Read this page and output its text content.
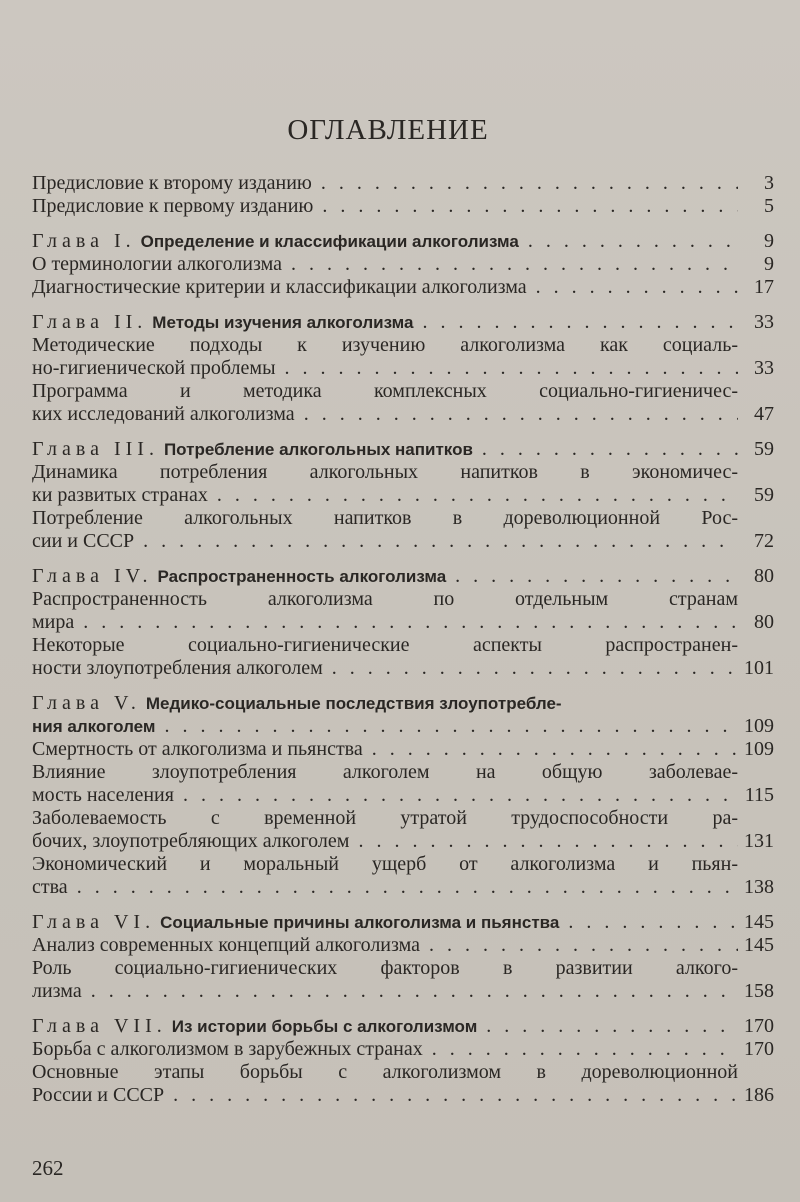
ОГЛАВЛЕНИЕ
Предисловие к второму изданию . . .	3
Предисловие к первому изданию . . .	5
Глава I. Определение и классификации алкоголизма . . .	9
О терминологии алкоголизма . . .	9
Диагностические критерии и классификации алкоголизма . . .	17
Глава II. Методы изучения алкоголизма . . .	33
Методические подходы к изучению алкоголизма как социаль-
но-гигиенической проблемы . . .	33
Программа и методика комплексных социально-гигиеничес-
ких исследований алкоголизма . . .	47
Глава III. Потребление алкогольных напитков . . .	59
Динамика потребления алкогольных напитков в экономичес-
ки развитых странах . . .	59
Потребление алкогольных напитков в дореволюционной Рос-
сии и СССР . . .	72
Глава IV. Распространенность алкоголизма . . .	80
Распространенность алкоголизма по отдельным странам
мира . . .	80
Некоторые социально-гигиенические аспекты распространен-
ности злоупотребления алкоголем . . .	101
Глава V. Медико-социальные последствия злоупотребле-
ния алкоголем . . .	109
Смертность от алкоголизма и пьянства . . .	109
Влияние злоупотребления алкоголем на общую заболевае-
мость населения . . .	115
Заболеваемость с временной утратой трудоспособности ра-
бочих, злоупотребляющих алкоголем . . .	131
Экономический и моральный ущерб от алкоголизма и пьян-
ства . . .	138
Глава VI. Социальные причины алкоголизма и пьянства . . .	145
Анализ современных концепций алкоголизма . . .	145
Роль социально-гигиенических факторов в развитии алкого-
лизма . . .	158
Глава VII. Из истории борьбы с алкоголизмом . . .	170
Борьба с алкоголизмом в зарубежных странах . . .	170
Основные этапы борьбы с алкоголизмом в дореволюционной
России и СССР . . .	186
262
